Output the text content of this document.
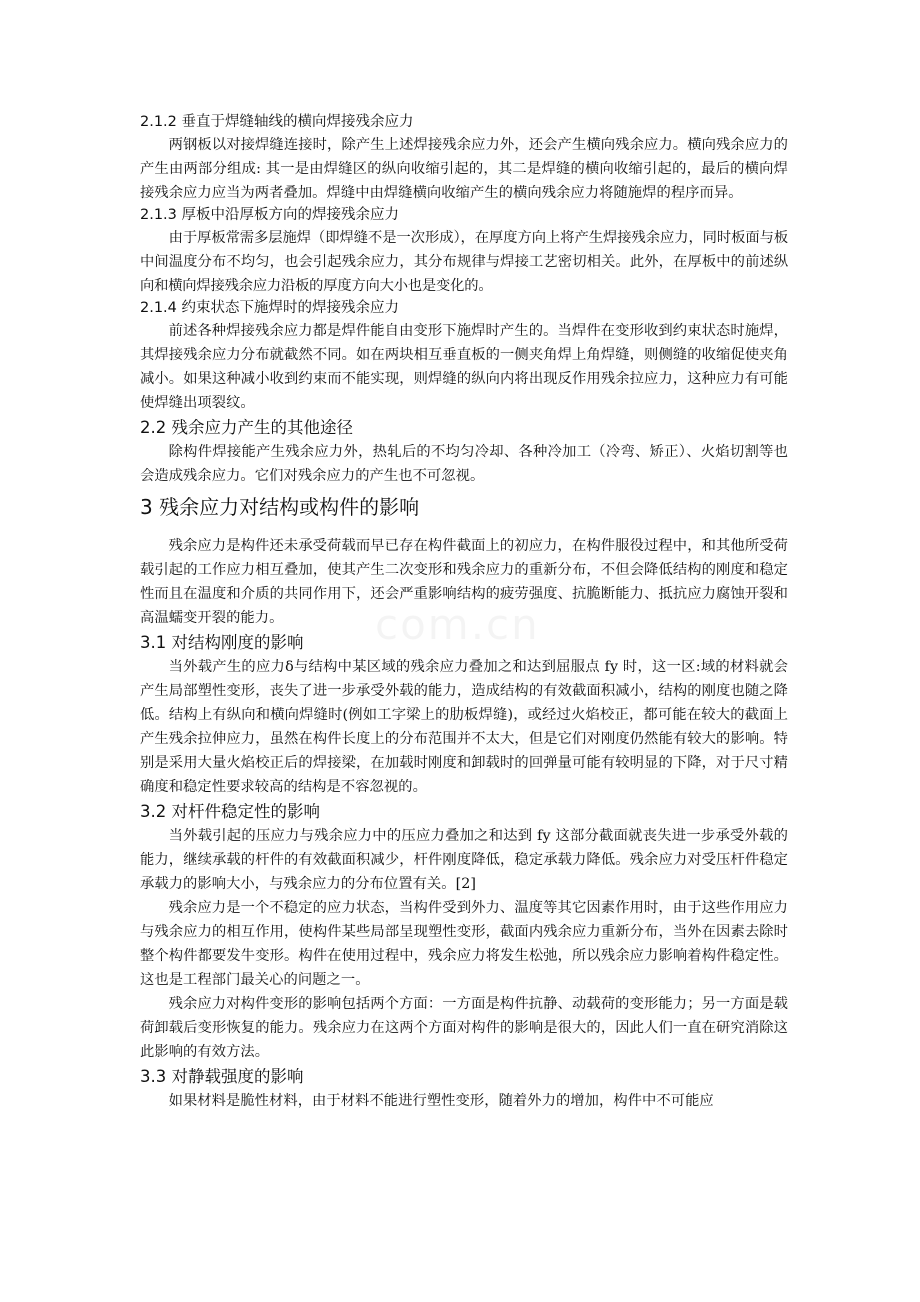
2.1.2 垂直于焊缝轴线的横向焊接残余应力

两钢板以对接焊缝连接时，除产生上述焊接残余应力外，还会产生横向残余应力。横向残余应力的产生由两部分组成: 其一是由焊缝区的纵向收缩引起的，其二是焊缝的横向收缩引起的，最后的横向焊接残余应力应当为两者叠加。焊缝中由焊缝横向收缩产生的横向残余应力将随施焊的程序而异。

2.1.3 厚板中沿厚板方向的焊接残余应力

由于厚板常需多层施焊（即焊缝不是一次形成），在厚度方向上将产生焊接残余应力，同时板面与板中间温度分布不均匀，也会引起残余应力，其分布规律与焊接工艺密切相关。此外，在厚板中的前述纵向和横向焊接残余应力沿板的厚度方向大小也是变化的。

2.1.4 约束状态下施焊时的焊接残余应力

前述各种焊接残余应力都是焊件能自由变形下施焊时产生的。当焊件在变形收到约束状态时施焊，其焊接残余应力分布就截然不同。如在两块相互垂直板的一侧夹角焊上角焊缝，则侧缝的收缩促使夹角减小。如果这种减小收到约束而不能实现，则焊缝的纵向内将出现反作用残余拉应力，这种应力有可能使焊缝出项裂纹。

2.2 残余应力产生的其他途径

除构件焊接能产生残余应力外，热轧后的不均匀冷却、各种冷加工（冷弯、矫正）、火焰切割等也会造成残余应力。它们对残余应力的产生也不可忽视。

3 残余应力对结构或构件的影响

残余应力是构件还未承受荷载而早已存在构件截面上的初应力，在构件服役过程中，和其他所受荷载引起的工作应力相互叠加，使其产生二次变形和残余应力的重新分布，不但会降低结构的刚度和稳定性而且在温度和介质的共同作用下，还会严重影响结构的疲劳强度、抗脆断能力、抵抗应力腐蚀开裂和高温蠕变开裂的能力。

3.1 对结构刚度的影响

当外载产生的应力δ与结构中某区域的残余应力叠加之和达到屈服点 fy 时，这一区:域的材料就会产生局部塑性变形，丧失了进一步承受外载的能力，造成结构的有效截面积减小，结构的刚度也随之降低。结构上有纵向和横向焊缝时(例如工字梁上的肋板焊缝)，或经过火焰校正，都可能在较大的截面上产生残余拉伸应力，虽然在构件长度上的分布范围并不太大，但是它们对刚度仍然能有较大的影响。特别是采用大量火焰校正后的焊接梁，在加载时刚度和卸载时的回弹量可能有较明显的下降，对于尺寸精确度和稳定性要求较高的结构是不容忽视的。

3.2 对杆件稳定性的影响

当外载引起的压应力与残余应力中的压应力叠加之和达到 fy 这部分截面就丧失进一步承受外载的能力，继续承载的杆件的有效截面积减少，杆件刚度降低，稳定承载力降低。残余应力对受压杆件稳定承载力的影响大小，与残余应力的分布位置有关。[2]

残余应力是一个不稳定的应力状态，当构件受到外力、温度等其它因素作用时，由于这些作用应力与残余应力的相互作用，使构件某些局部呈现塑性变形，截面内残余应力重新分布，当外在因素去除时整个构件都要发牛变形。构件在使用过程中，残余应力将发生松弛，所以残余应力影响着构件稳定性。这也是工程部门最关心的问题之一。

残余应力对构件变形的影响包括两个方面：一方面是构件抗静、动载荷的变形能力；另一方面是载荷卸载后变形恢复的能力。残余应力在这两个方面对构件的影响是很大的，因此人们一直在研究消除这此影响的有效方法。

3.3 对静载强度的影响

如果材料是脆性材料，由于材料不能进行塑性变形，随着外力的增加，构件中不可能应
